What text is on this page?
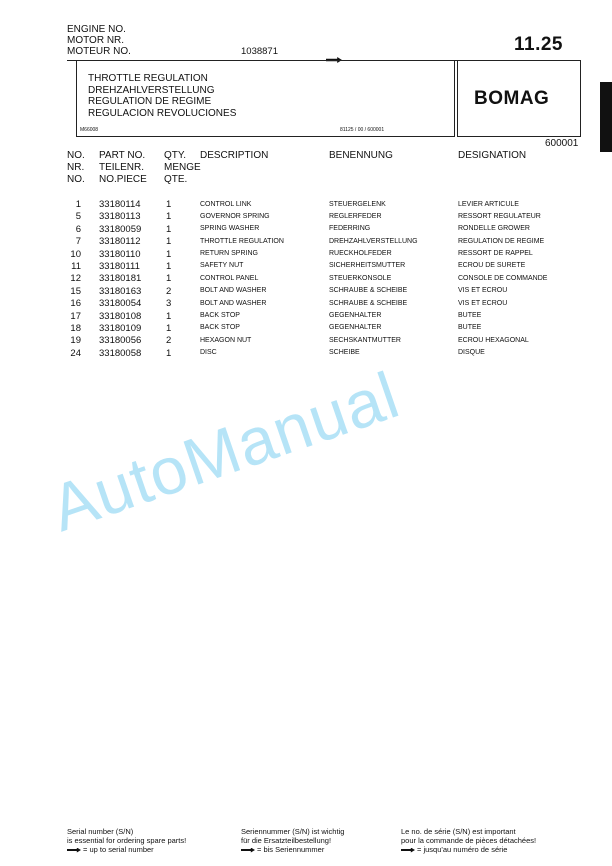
ENGINE NO.
MOTOR NR.
MOTEUR NO.	1038871	11.25
THROTTLE REGULATION
DREHZAHLVERSTELLUNG
REGULATION DE REGIME
REGULACION REVOLUCIONES
M66008	81125 / 00 / 600001
BOMAG
600001
NO.
NR.
NO.
PART NO.
TEILENR.
NO.PIECE
QTY.
MENGE
QTE.
DESCRIPTION	BENENNUNG	DESIGNATION
1 33180114	1	CONTROL LINK	STEUERGELENK	LEVIER ARTICULE
5 33180113	1	GOVERNOR SPRING	REGLERFEDER	RESSORT REGULATEUR
6 33180059	1	SPRING WASHER	FEDERRING	RONDELLE GROWER
7 33180112	1	THROTTLE REGULATION	DREHZAHLVERSTELLUNG	REGULATION DE REGIME
10 33180110	1	RETURN SPRING	RUECKHOLFEDER	RESSORT DE RAPPEL
11 33180111	1	SAFETY NUT	SICHERHEITSMUTTER	ECROU DE SURETE
12 33180181	1	CONTROL PANEL	STEUERKONSOLE	CONSOLE DE COMMANDE
15 33180163	2	BOLT AND WASHER	SCHRAUBE & SCHEIBE	VIS ET ECROU
16 33180054	3	BOLT AND WASHER	SCHRAUBE & SCHEIBE	VIS ET ECROU
17 33180108	1	BACK STOP	GEGENHALTER	BUTEE
18 33180109	1	BACK STOP	GEGENHALTER	BUTEE
19 33180056	2	HEXAGON NUT	SECHSKANTMUTTER	ECROU HEXAGONAL
24 33180058	1	DISC	SCHEIBE	DISQUE
AutoManual
Serial number (S/N)
is essential for ordering spare parts!
= up to serial number
Seriennummer (S/N) ist wichtig
für die Ersatzteilbestellung!
= bis Seriennummer
Le no. de série (S/N) est important
pour la commande de pièces détachées!
= jusqu'au numéro de série
